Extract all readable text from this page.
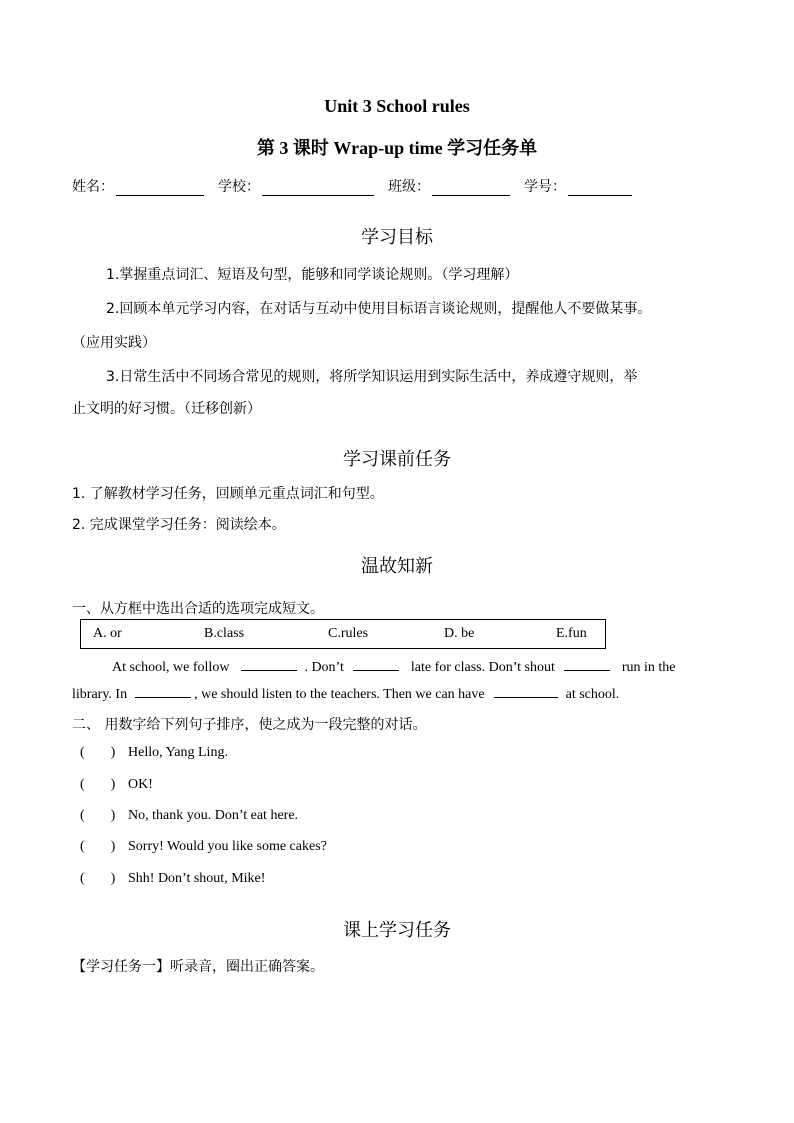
Unit 3 School rules
第 3 课时 Wrap-up time 学习任务单
姓名：	学校：	班级：	学号：
学习目标
1.掌握重点词汇、短语及句型，能够和同学谈论规则。（学习理解）
2.回顾本单元学习内容，在对话与互动中使用目标语言谈论规则，提醒他人不要做某事。
（应用实践）
3.日常生活中不同场合常见的规则，将所学知识运用到实际生活中，养成遵守规则，举
止文明的好习惯。（迁移创新）
学习课前任务
1. 了解教材学习任务，回顾单元重点词汇和句型。
2. 完成课堂学习任务：阅读绘本。
温故知新
一、从方框中选出合适的选项完成短文。
A. or	B.class	C.rules	D. be	E.fun
At school, we follow	. Don’t	late for class. Don’t shout	run in the
library. In	, we should listen to the teachers. Then we can have	at school.
二、 用数字给下列句子排序，使之成为一段完整的对话。
( ) Hello, Yang Ling.
( ) OK!
( ) No, thank you. Don’t eat here.
( ) Sorry! Would you like some cakes?
( ) Shh! Don’t shout, Mike!
课上学习任务
【学习任务一】听录音，圈出正确答案。
